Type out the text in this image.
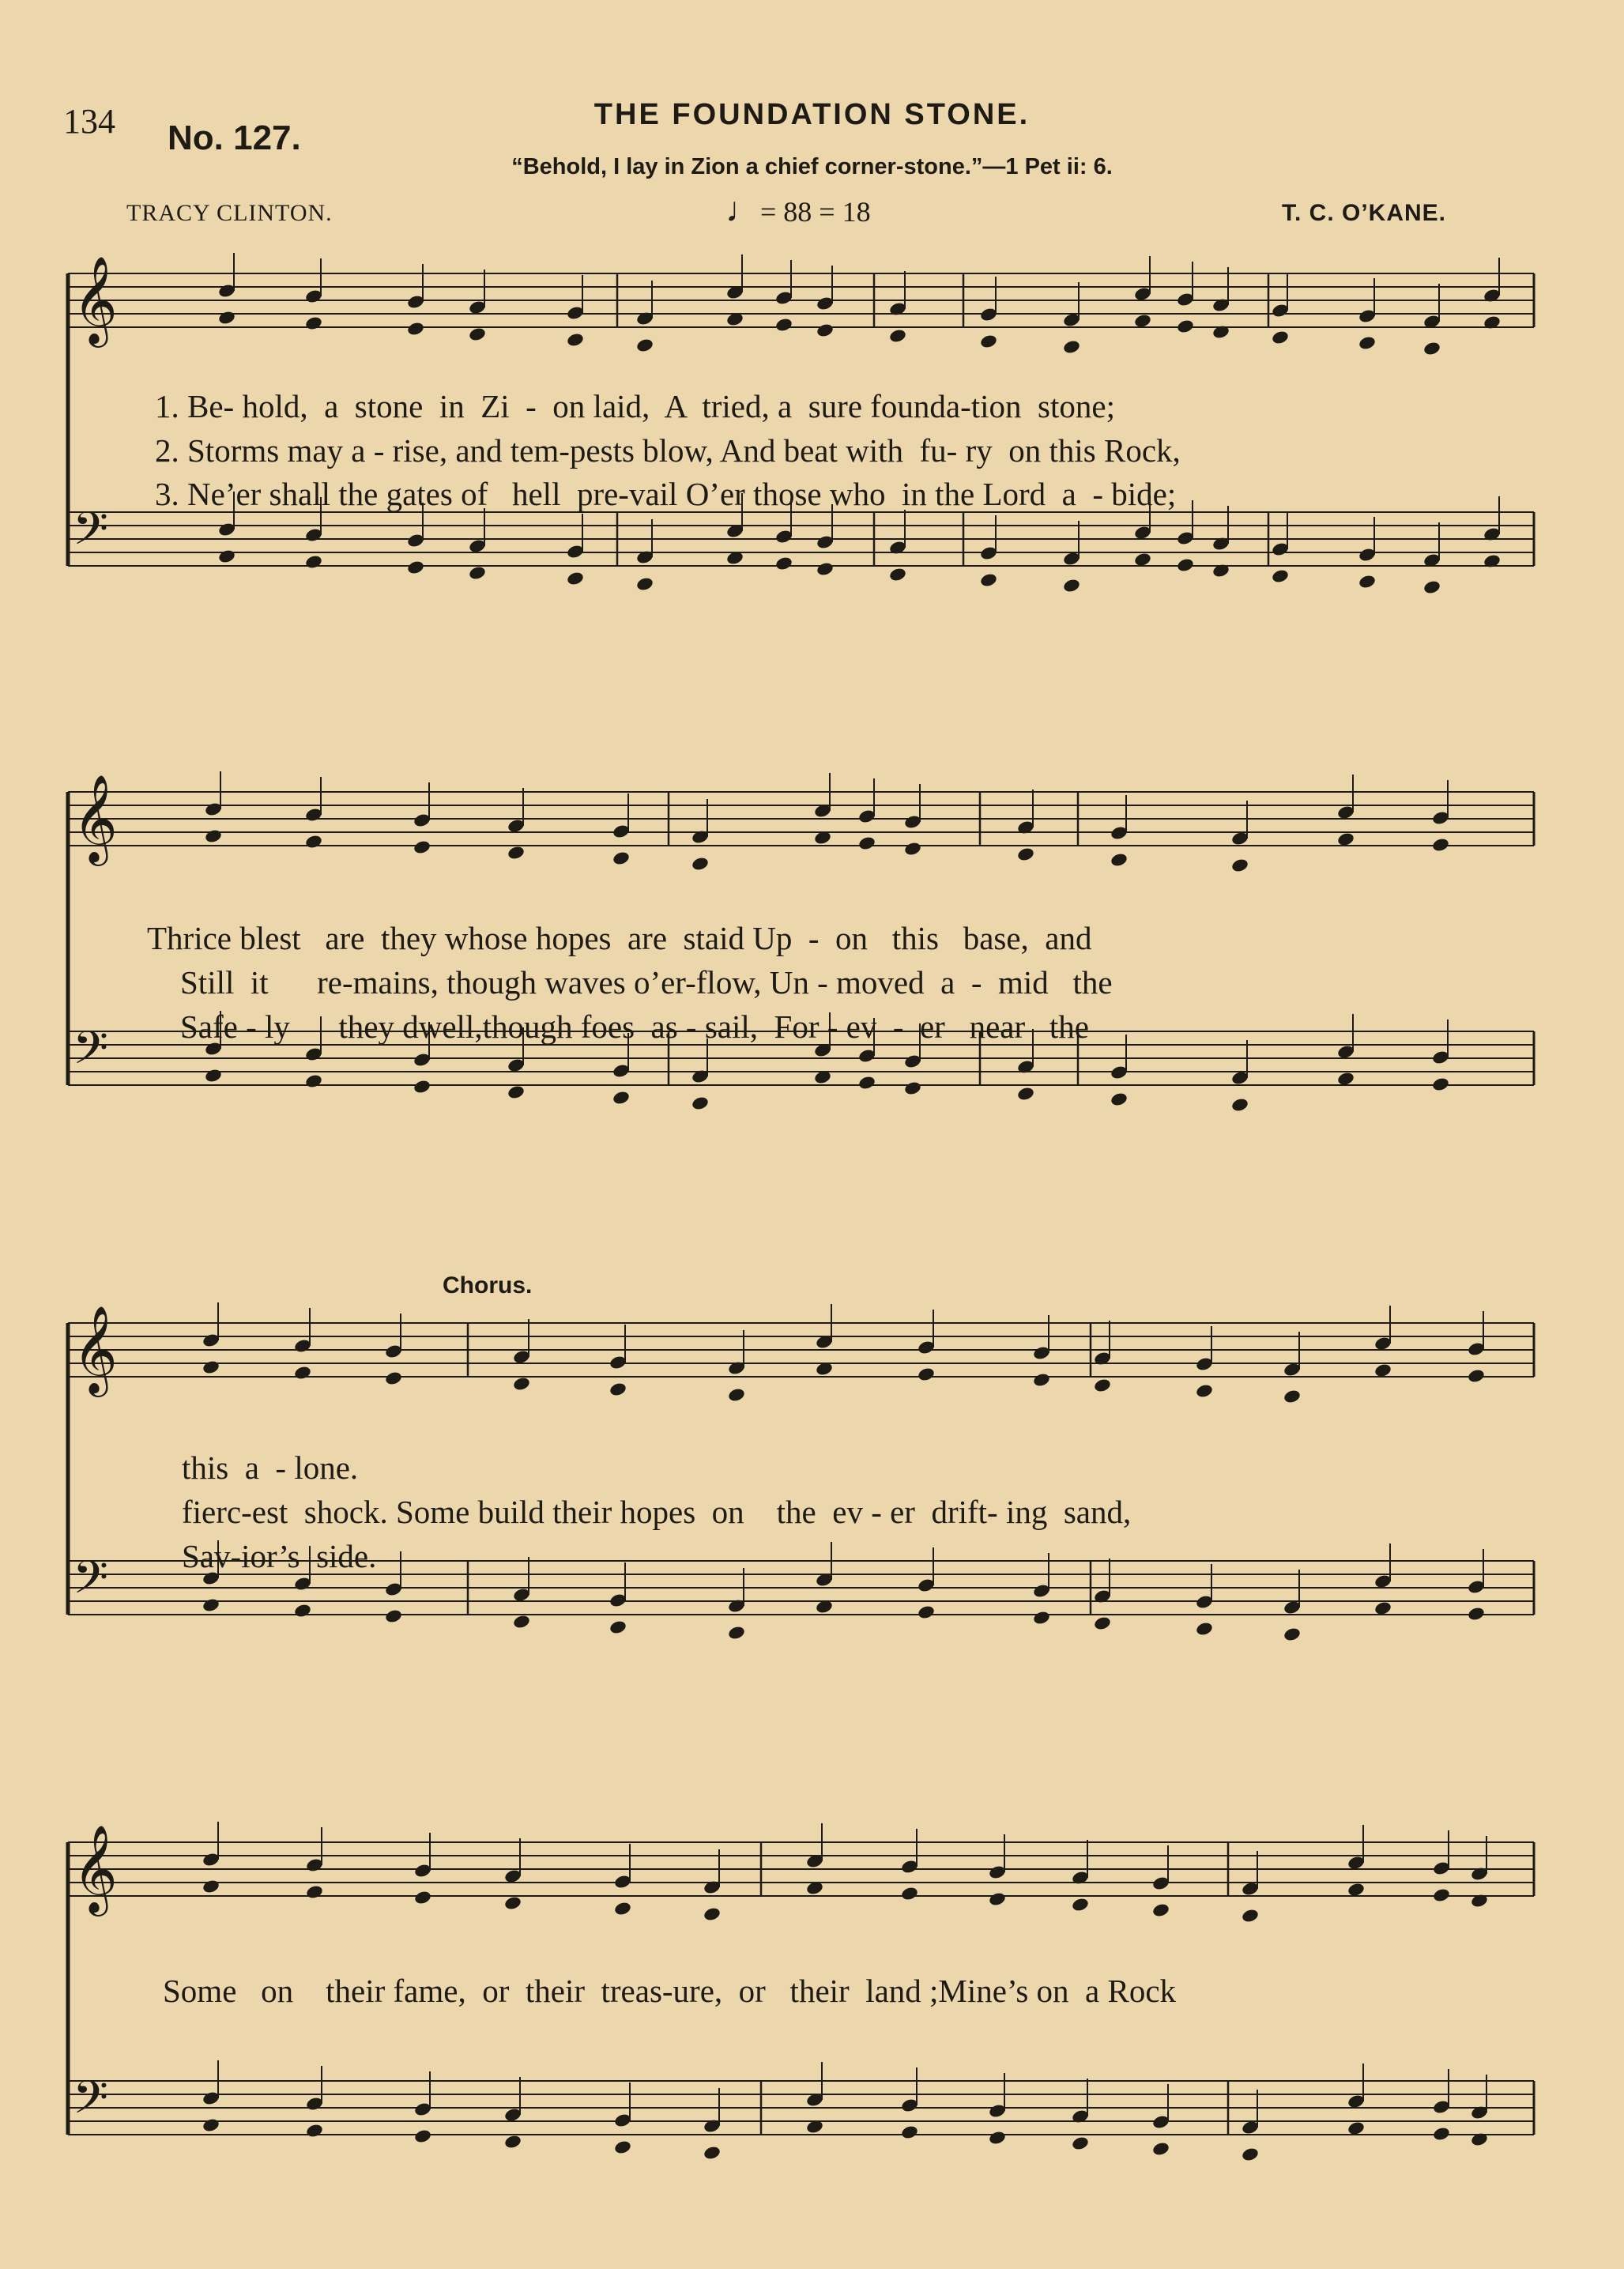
134 No. 127.
THE FOUNDATION STONE.
“Behold, I lay in Zion a chief corner-stone.”—1 Pet ii: 6.
TRACY CLINTON.	♩= 88 = 18	T. C. O’KANE.
Chorus.
1. Be- hold,  a  stone  in  Zi  -  on laid,  A  tried, a  sure founda-tion  stone;
2. Storms may a - rise, and tem-pests blow, And beat with  fu- ry  on this Rock,
3. Ne’er shall the gates of   hell  pre-vail O’er those who  in the Lord  a  - bide;
Thrice blest   are  they whose hopes  are  staid Up  -  on   this   base,  and
Still  it      re-mains, though waves o’er-flow, Un - moved  a  -  mid   the
Safe - ly      they dwell,though foes  as - sail,  For - ev  -  er   near   the
this  a  - lone.
fierc-est  shock. Some build their hopes  on    the  ev - er  drift- ing  sand,
Sav-ior’s  side.
Some   on    their fame,  or  their  treas-ure,  or   their  land ;Mine’s on  a Rock
𝄞
𝄢
𝄞
𝄢
𝄞
𝄢
𝄞
𝄢
